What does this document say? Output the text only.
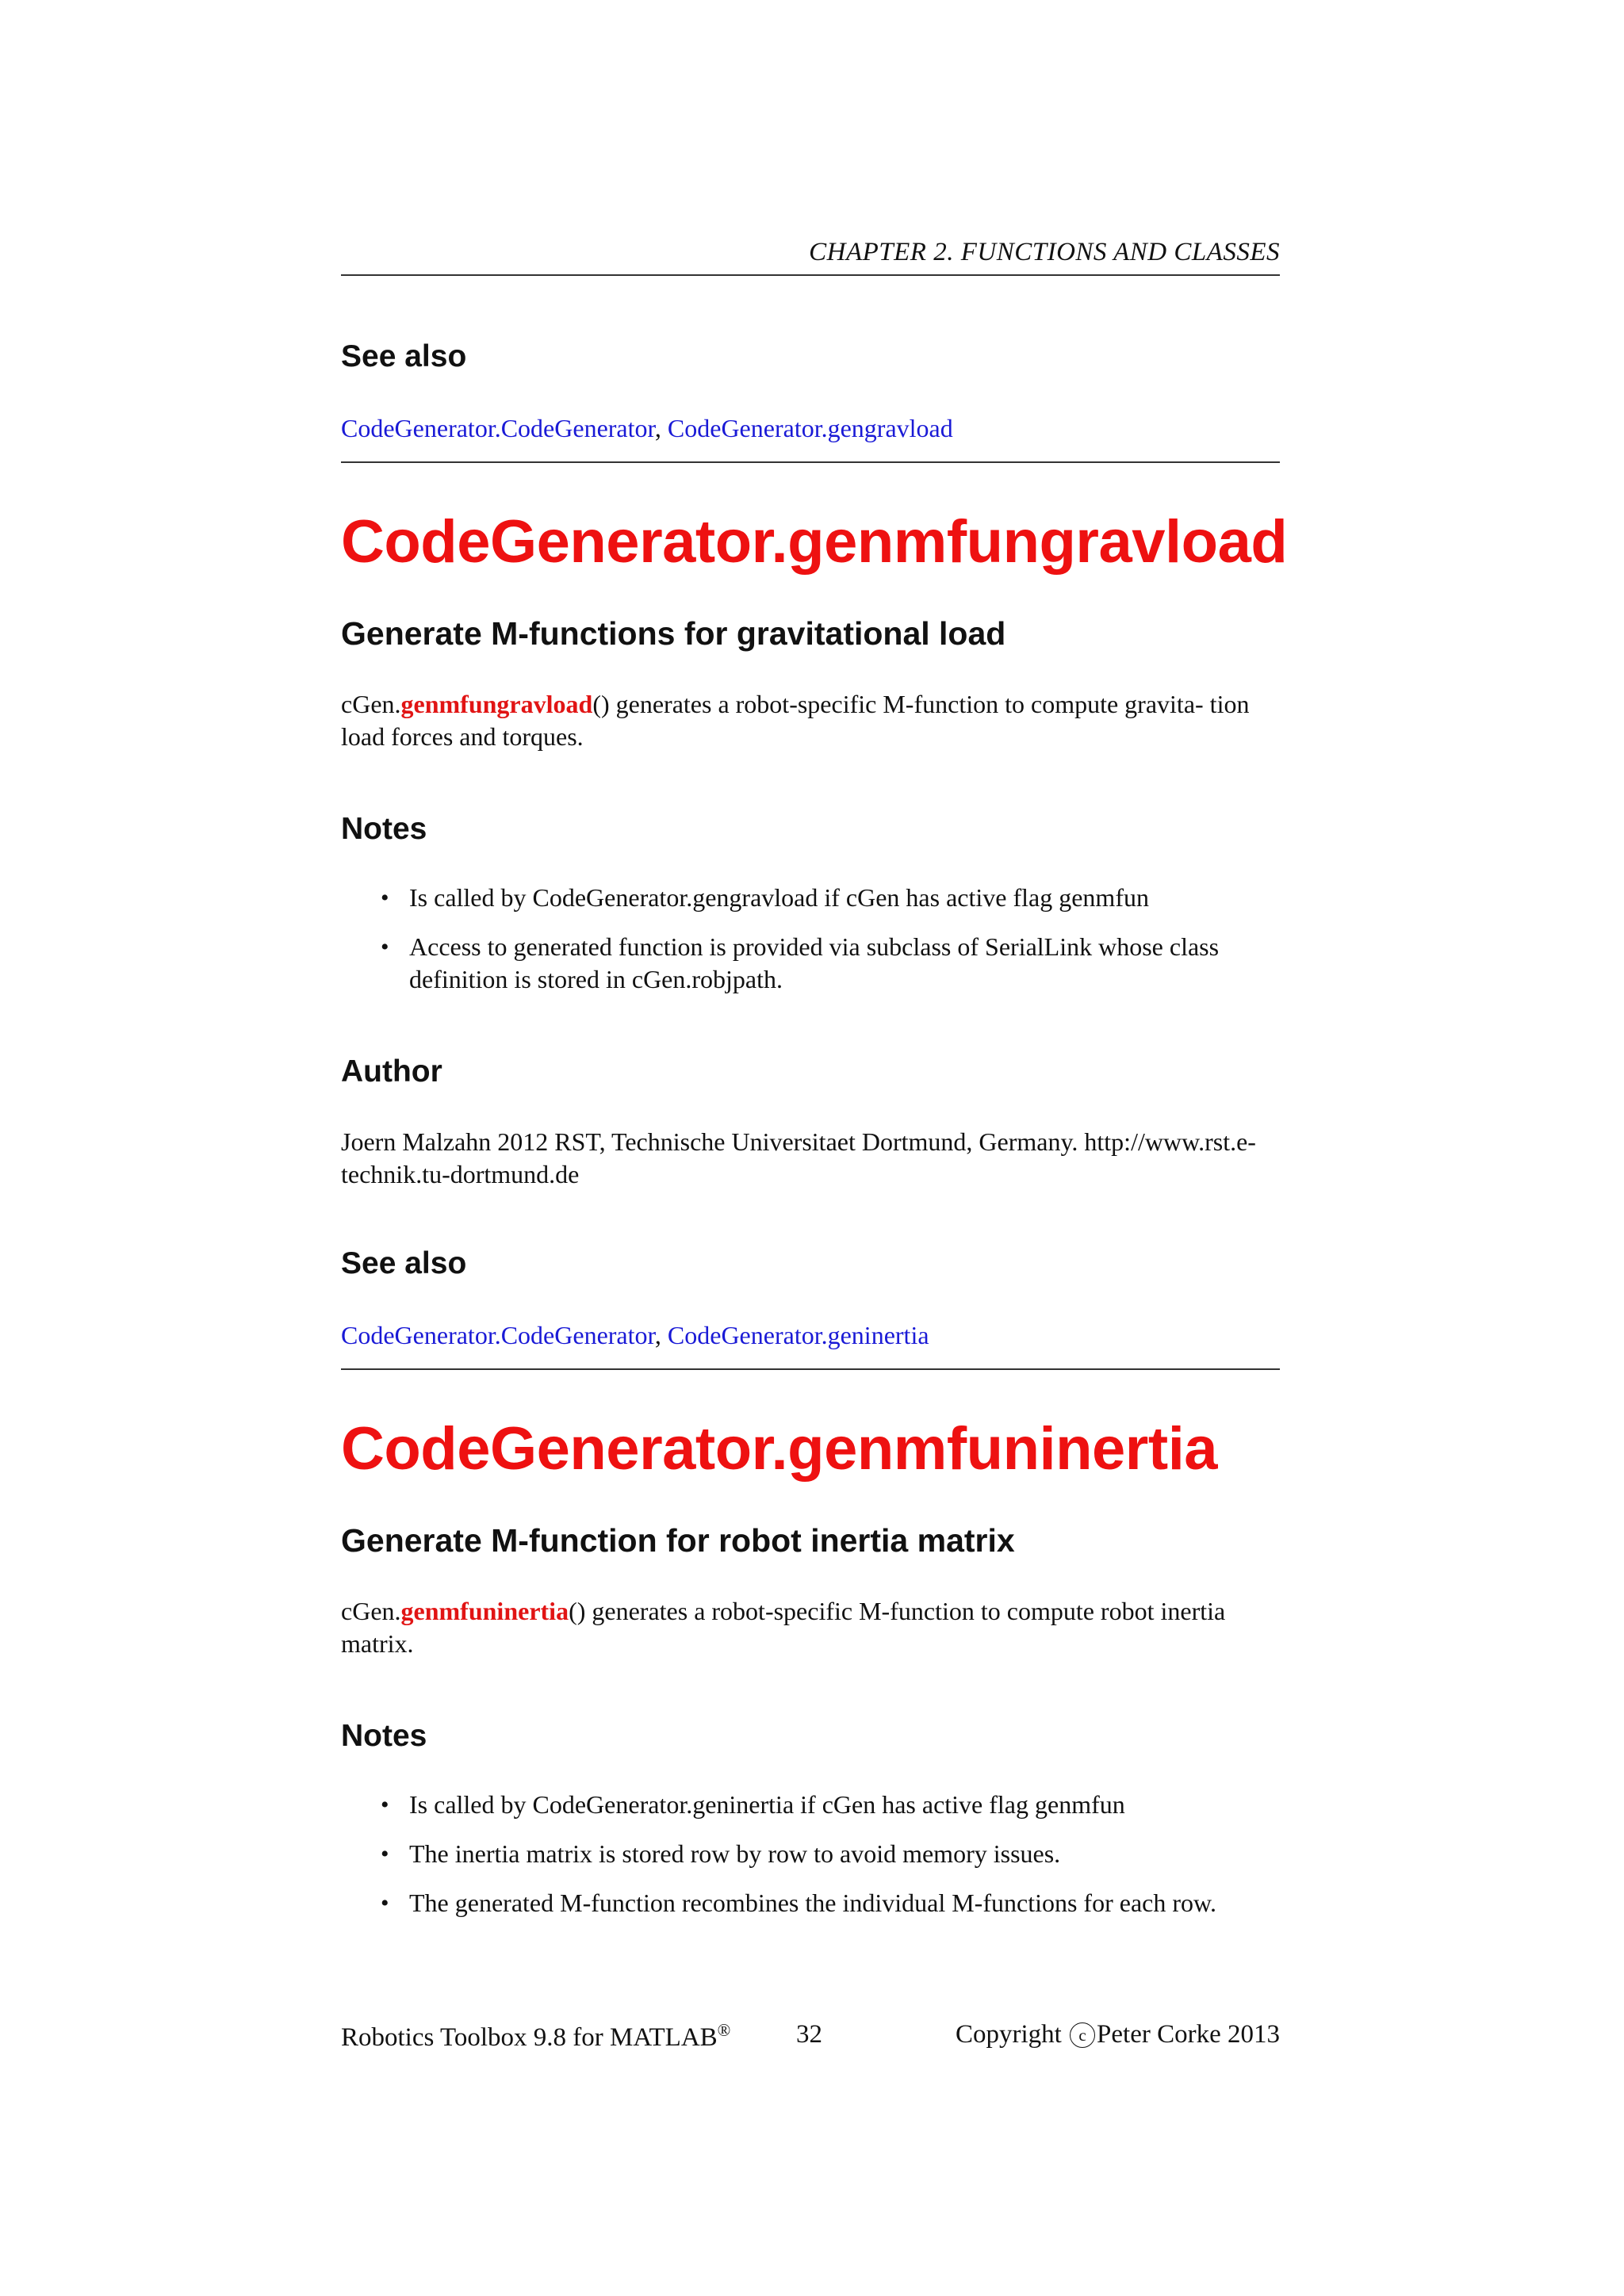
CHAPTER 2. FUNCTIONS AND CLASSES
See also
CodeGenerator.CodeGenerator, CodeGenerator.gengravload
CodeGenerator.genmfungravload
Generate M-functions for gravitational load
cGen.genmfungravload() generates a robot-specific M-function to compute gravita- tion load forces and torques.
Notes
• Is called by CodeGenerator.gengravload if cGen has active flag genmfun
• Access to generated function is provided via subclass of SerialLink whose class definition is stored in cGen.robjpath.
Author
Joern Malzahn 2012 RST, Technische Universitaet Dortmund, Germany. http://www.rst.e-technik.tu-dortmund.de
See also
CodeGenerator.CodeGenerator, CodeGenerator.geninertia
CodeGenerator.genmfuninertia
Generate M-function for robot inertia matrix
cGen.genmfuninertia() generates a robot-specific M-function to compute robot inertia matrix.
Notes
• Is called by CodeGenerator.geninertia if cGen has active flag genmfun
• The inertia matrix is stored row by row to avoid memory issues.
• The generated M-function recombines the individual M-functions for each row.
Robotics Toolbox 9.8 for MATLAB®	32	Copyright c Peter Corke 2013
